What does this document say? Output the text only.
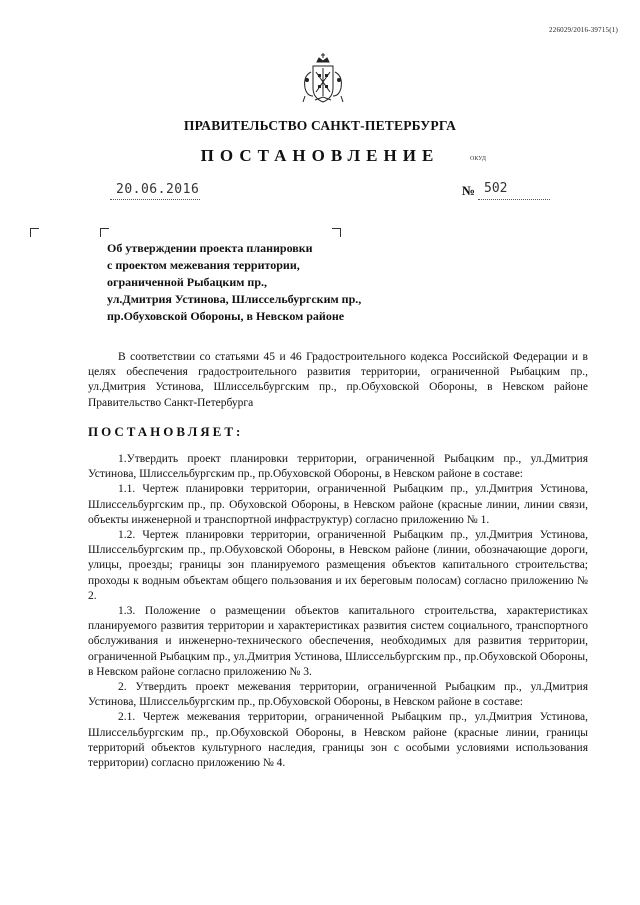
226029/2016-39715(1)
ПРАВИТЕЛЬСТВО САНКТ-ПЕТЕРБУРГА
ПОСТАНОВЛЕНИЕ	ОКУД
20.06.2016	№ 502
Об утверждении проекта планировки
с проектом межевания территории,
ограниченной Рыбацким пр.,
ул.Дмитрия Устинова, Шлиссельбургским пр.,
пр.Обуховской Обороны, в Невском районе

В соответствии со статьями 45 и 46 Градостроительного кодекса Российской Федерации и в целях обеспечения градостроительного развития территории, ограниченной Рыбацким пр., ул.Дмитрия Устинова, Шлиссельбургским пр., пр.Обуховской Обороны, в Невском районе Правительство Санкт-Петербурга

ПОСТАНОВЛЯЕТ:

1.Утвердить проект планировки территории, ограниченной Рыбацким пр., ул.Дмитрия Устинова, Шлиссельбургским пр., пр.Обуховской Обороны, в Невском районе в составе:

1.1. Чертеж планировки территории, ограниченной Рыбацким пр., ул.Дмитрия Устинова, Шлиссельбургским пр., пр. Обуховской Обороны, в Невском районе (красные линии, линии связи, объекты инженерной и транспортной инфраструктур) согласно приложению № 1.

1.2. Чертеж планировки территории, ограниченной Рыбацким пр., ул.Дмитрия Устинова, Шлиссельбургским пр., пр.Обуховской Обороны, в Невском районе (линии, обозначающие дороги, улицы, проезды; границы зон планируемого размещения объектов капитального строительства; проходы к водным объектам общего пользования и их береговым полосам) согласно приложению № 2.

1.3. Положение о размещении объектов капитального строительства, характеристиках планируемого развития территории и характеристиках развития систем социального, транспортного обслуживания и инженерно-технического обеспечения, необходимых для развития территории, ограниченной Рыбацким пр., ул.Дмитрия Устинова, Шлиссельбургским пр., пр.Обуховской Обороны, в Невском районе согласно приложению № 3.

2. Утвердить проект межевания территории, ограниченной Рыбацким пр., ул.Дмитрия Устинова, Шлиссельбургским пр., пр.Обуховской Обороны, в Невском районе в составе:

2.1. Чертеж межевания территории, ограниченной Рыбацким пр., ул.Дмитрия Устинова, Шлиссельбургским пр., пр.Обуховской Обороны, в Невском районе (красные линии, границы территорий объектов культурного наследия, границы зон с особыми условиями использования территории) согласно приложению № 4.
